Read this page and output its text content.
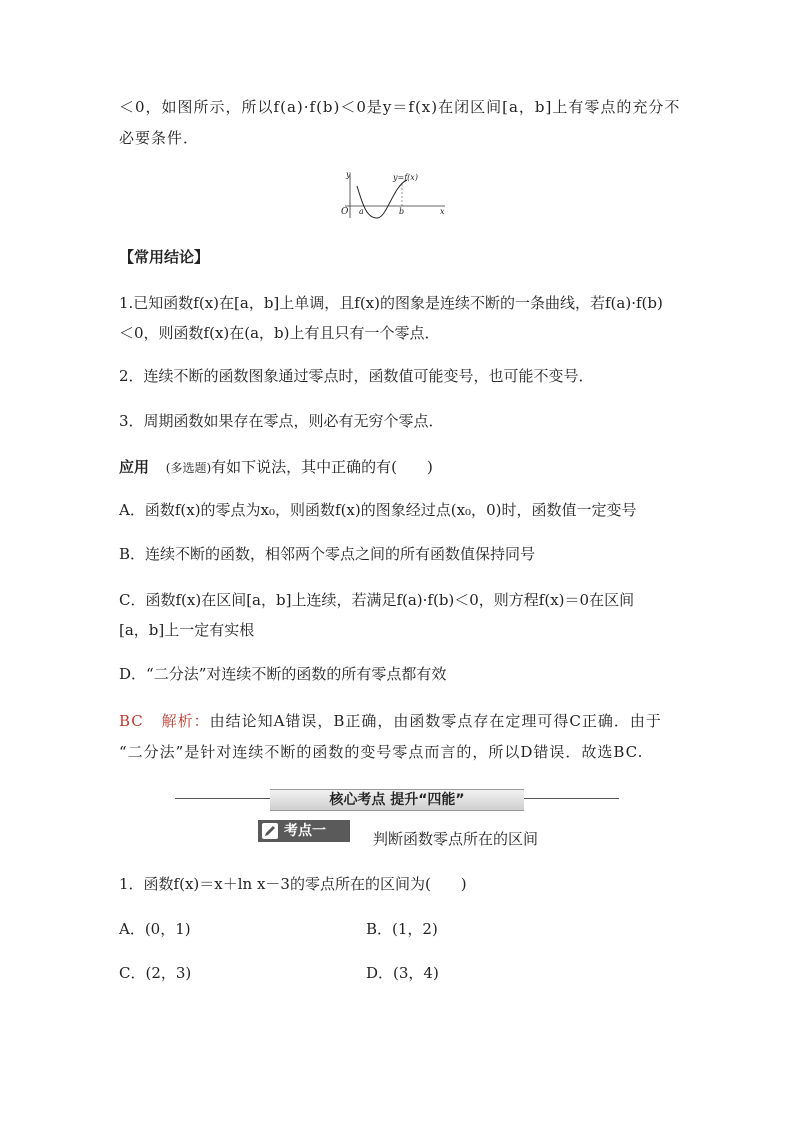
＜0，如图所示，所以f(a)·f(b)＜0是y＝f(x)在闭区间[a，b]上有零点的充分不
必要条件．
y
x
O a	b
y=f(x)
【常用结论】
1.已知函数f(x)在[a，b]上单调，且f(x)的图象是连续不断的一条曲线，若f(a)·f(b)
＜0，则函数f(x)在(a，b)上有且只有一个零点．
2．连续不断的函数图象通过零点时，函数值可能变号，也可能不变号．
3．周期函数如果存在零点，则必有无穷个零点．
应用 (多选题)有如下说法，其中正确的有(　　)
A．函数f(x)的零点为x₀，则函数f(x)的图象经过点(x₀，0)时，函数值一定变号
B．连续不断的函数，相邻两个零点之间的所有函数值保持同号
C．函数f(x)在区间[a，b]上连续，若满足f(a)·f(b)＜0，则方程f(x)＝0在区间
[a，b]上一定有实根
D．“二分法”对连续不断的函数的所有零点都有效
BC 解析：由结论知A错误，B正确，由函数零点存在定理可得C正确．由于
“二分法”是针对连续不断的函数的变号零点而言的，所以D错误．故选BC.
核心考点 提升“四能”
考点一	判断函数零点所在的区间
1．函数f(x)＝x＋ln x－3的零点所在的区间为(　　)
A．(0，1)	B．(1，2)
C．(2，3)	D．(3，4)
